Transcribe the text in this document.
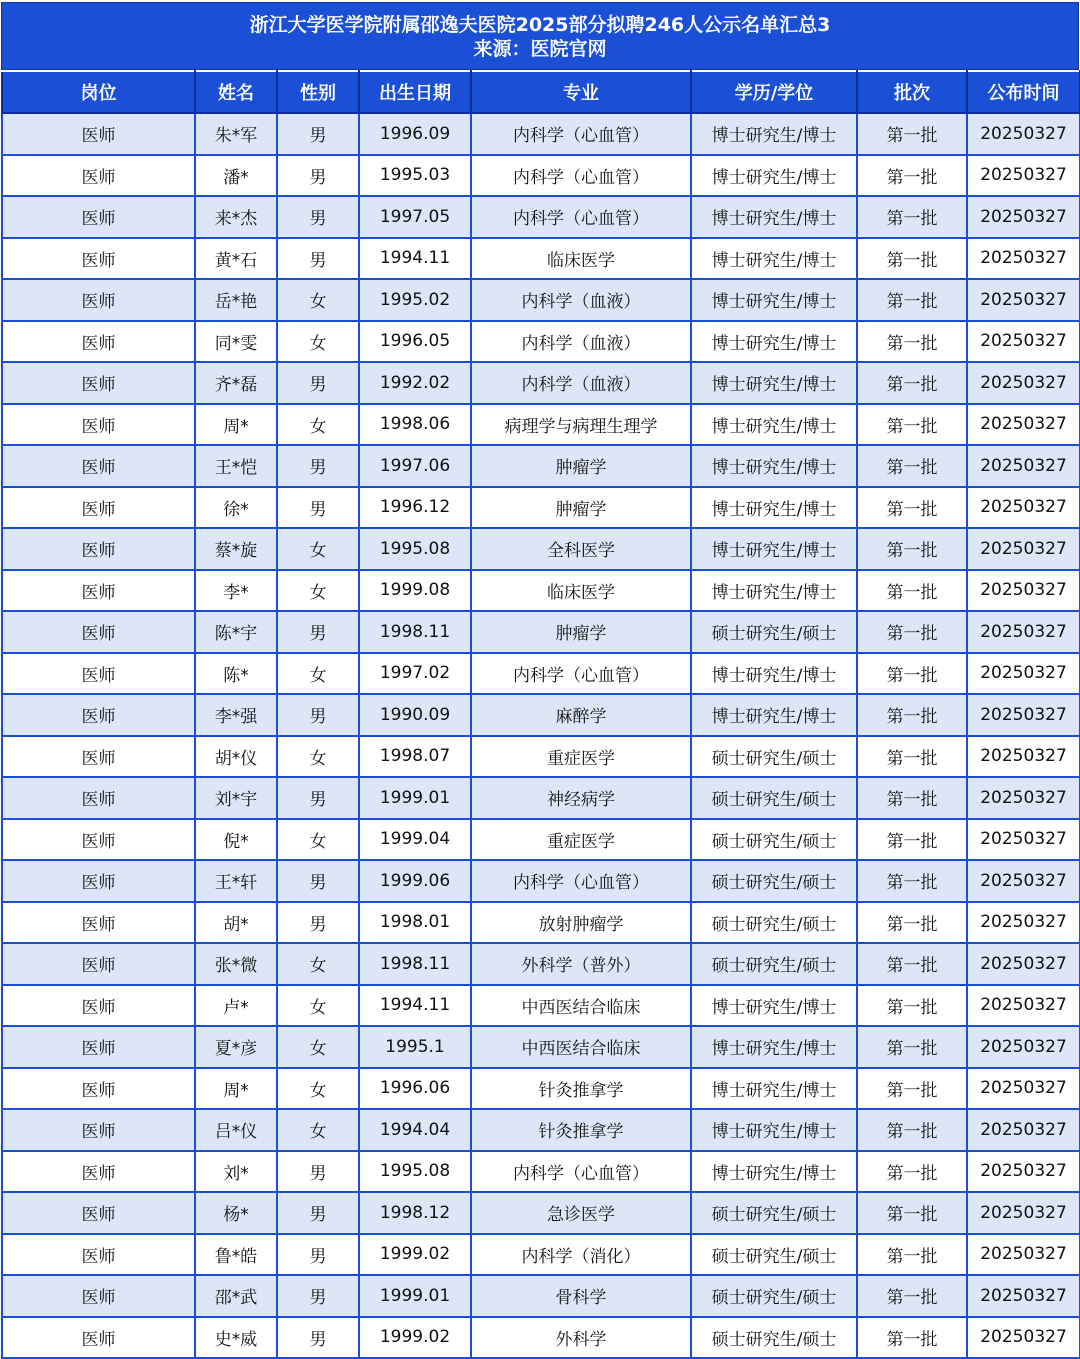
浙江大学医学院附属邵逸夫医院2025部分拟聘246人公示名单汇总3
来源：医院官网
岗位	姓名	性别	出生日期	专业	学历/学位	批次	公布时间
医师	朱*军	男	1996.09	内科学（心血管）	博士研究生/博士	第一批	20250327
医师	潘*	男	1995.03	内科学（心血管）	博士研究生/博士	第一批	20250327
医师	来*杰	男	1997.05	内科学（心血管）	博士研究生/博士	第一批	20250327
医师	黄*石	男	1994.11	临床医学	博士研究生/博士	第一批	20250327
医师	岳*艳	女	1995.02	内科学（血液）	博士研究生/博士	第一批	20250327
医师	同*雯	女	1996.05	内科学（血液）	博士研究生/博士	第一批	20250327
医师	齐*磊	男	1992.02	内科学（血液）	博士研究生/博士	第一批	20250327
医师	周*	女	1998.06	病理学与病理生理学	博士研究生/博士	第一批	20250327
医师	王*恺	男	1997.06	肿瘤学	博士研究生/博士	第一批	20250327
医师	徐*	男	1996.12	肿瘤学	博士研究生/博士	第一批	20250327
医师	蔡*旋	女	1995.08	全科医学	博士研究生/博士	第一批	20250327
医师	李*	女	1999.08	临床医学	博士研究生/博士	第一批	20250327
医师	陈*宇	男	1998.11	肿瘤学	硕士研究生/硕士	第一批	20250327
医师	陈*	女	1997.02	内科学（心血管）	博士研究生/博士	第一批	20250327
医师	李*强	男	1990.09	麻醉学	博士研究生/博士	第一批	20250327
医师	胡*仪	女	1998.07	重症医学	硕士研究生/硕士	第一批	20250327
医师	刘*宇	男	1999.01	神经病学	硕士研究生/硕士	第一批	20250327
医师	倪*	女	1999.04	重症医学	硕士研究生/硕士	第一批	20250327
医师	王*轩	男	1999.06	内科学（心血管）	硕士研究生/硕士	第一批	20250327
医师	胡*	男	1998.01	放射肿瘤学	硕士研究生/硕士	第一批	20250327
医师	张*微	女	1998.11	外科学（普外）	硕士研究生/硕士	第一批	20250327
医师	卢*	女	1994.11	中西医结合临床	博士研究生/博士	第一批	20250327
医师	夏*彦	女	1995.1	中西医结合临床	博士研究生/博士	第一批	20250327
医师	周*	女	1996.06	针灸推拿学	博士研究生/博士	第一批	20250327
医师	吕*仪	女	1994.04	针灸推拿学	博士研究生/博士	第一批	20250327
医师	刘*	男	1995.08	内科学（心血管）	博士研究生/博士	第一批	20250327
医师	杨*	男	1998.12	急诊医学	硕士研究生/硕士	第一批	20250327
医师	鲁*皓	男	1999.02	内科学（消化）	硕士研究生/硕士	第一批	20250327
医师	邵*武	男	1999.01	骨科学	硕士研究生/硕士	第一批	20250327
医师	史*威	男	1999.02	外科学	硕士研究生/硕士	第一批	20250327
